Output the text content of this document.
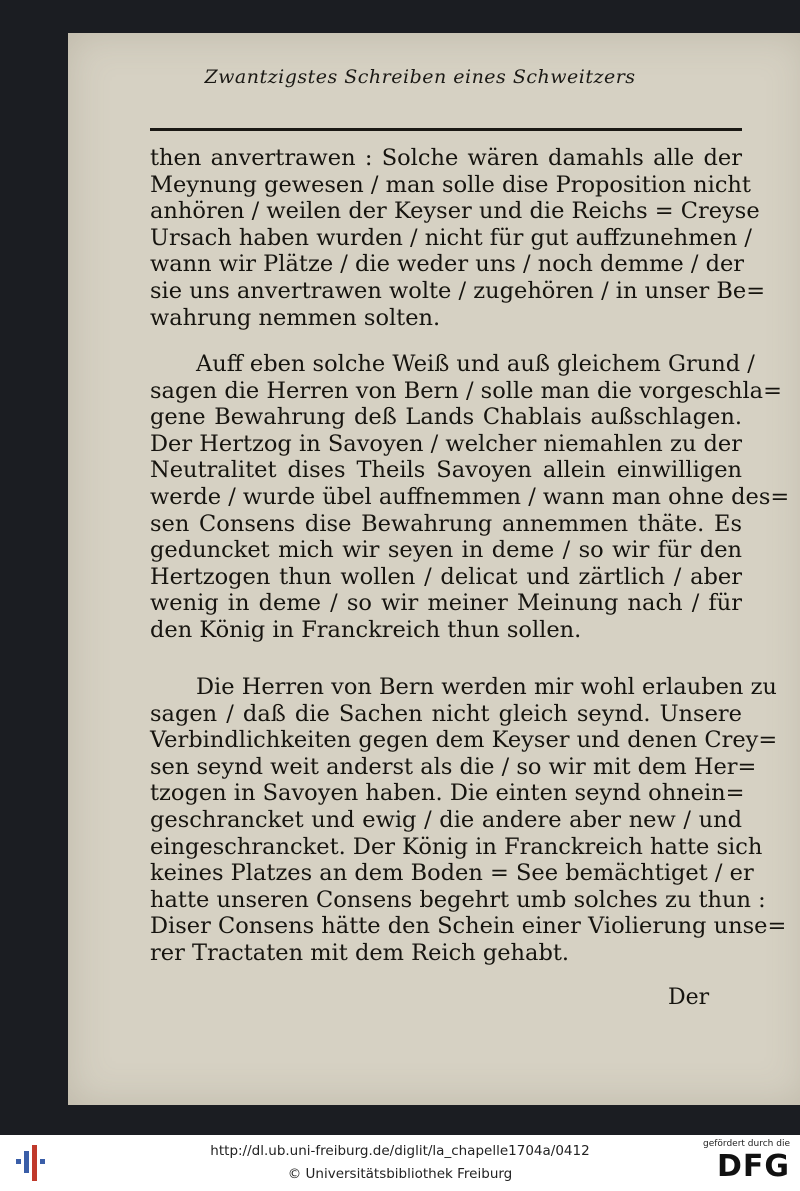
Zwantzigstes Schreiben eines Schweitzers
then anvertrawen : Solche wären damahls alle der
Meynung gewesen / man solle dise Proposition nicht
anhören / weilen der Keyser und die Reichs = Creyse
Ursach haben wurden / nicht für gut auffzunehmen /
wann wir Plätze / die weder uns / noch demme / der
sie uns anvertrawen wolte / zugehören / in unser Be=
wahrung nemmen solten.
Auff eben solche Weiß und auß gleichem Grund /
sagen die Herren von Bern / solle man die vorgeschla=
gene Bewahrung deß Lands Chablais außschlagen.
Der Hertzog in Savoyen / welcher niemahlen zu der
Neutralitet dises Theils Savoyen allein einwilligen
werde / wurde übel auffnemmen / wann man ohne des=
sen Consens dise Bewahrung annemmen thäte. Es
geduncket mich wir seyen in deme / so wir für den
Hertzogen thun wollen / delicat und zärtlich / aber
wenig in deme / so wir meiner Meinung nach / für
den König in Franckreich thun sollen.
Die Herren von Bern werden mir wohl erlauben zu
sagen / daß die Sachen nicht gleich seynd. Unsere
Verbindlichkeiten gegen dem Keyser und denen Crey=
sen seynd weit anderst als die / so wir mit dem Her=
tzogen in Savoyen haben. Die einten seynd ohnein=
geschrancket und ewig / die andere aber new / und
eingeschrancket. Der König in Franckreich hatte sich
keines Platzes an dem Boden = See bemächtiget / er
hatte unseren Consens begehrt umb solches zu thun :
Diser Consens hätte den Schein einer Violierung unse=
rer Tractaten mit dem Reich gehabt.
Der
http://dl.ub.uni-freiburg.de/diglit/la_chapelle1704a/0412
© Universitätsbibliothek Freiburg
gefördert durch die
DFG
